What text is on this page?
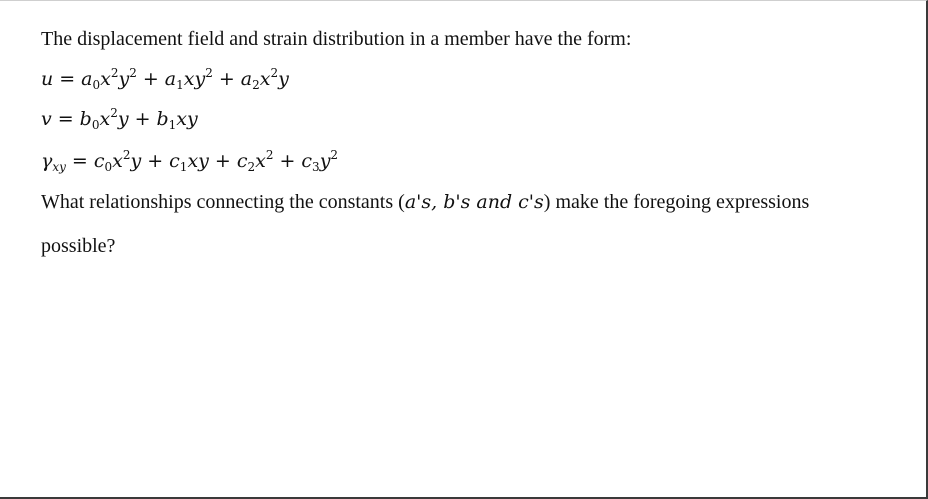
The displacement field and strain distribution in a member have the form:

$u = a_0x^2y^2 + a_1xy^2 + a_2x^2y$
$v = b_0x^2y + b_1xy$
$\gamma_{xy} = c_0x^2y + c_1xy + c_2x^2 + c_3y^2$

What relationships connecting the constants (a's, b's and c's) make the foregoing expressions

possible?
